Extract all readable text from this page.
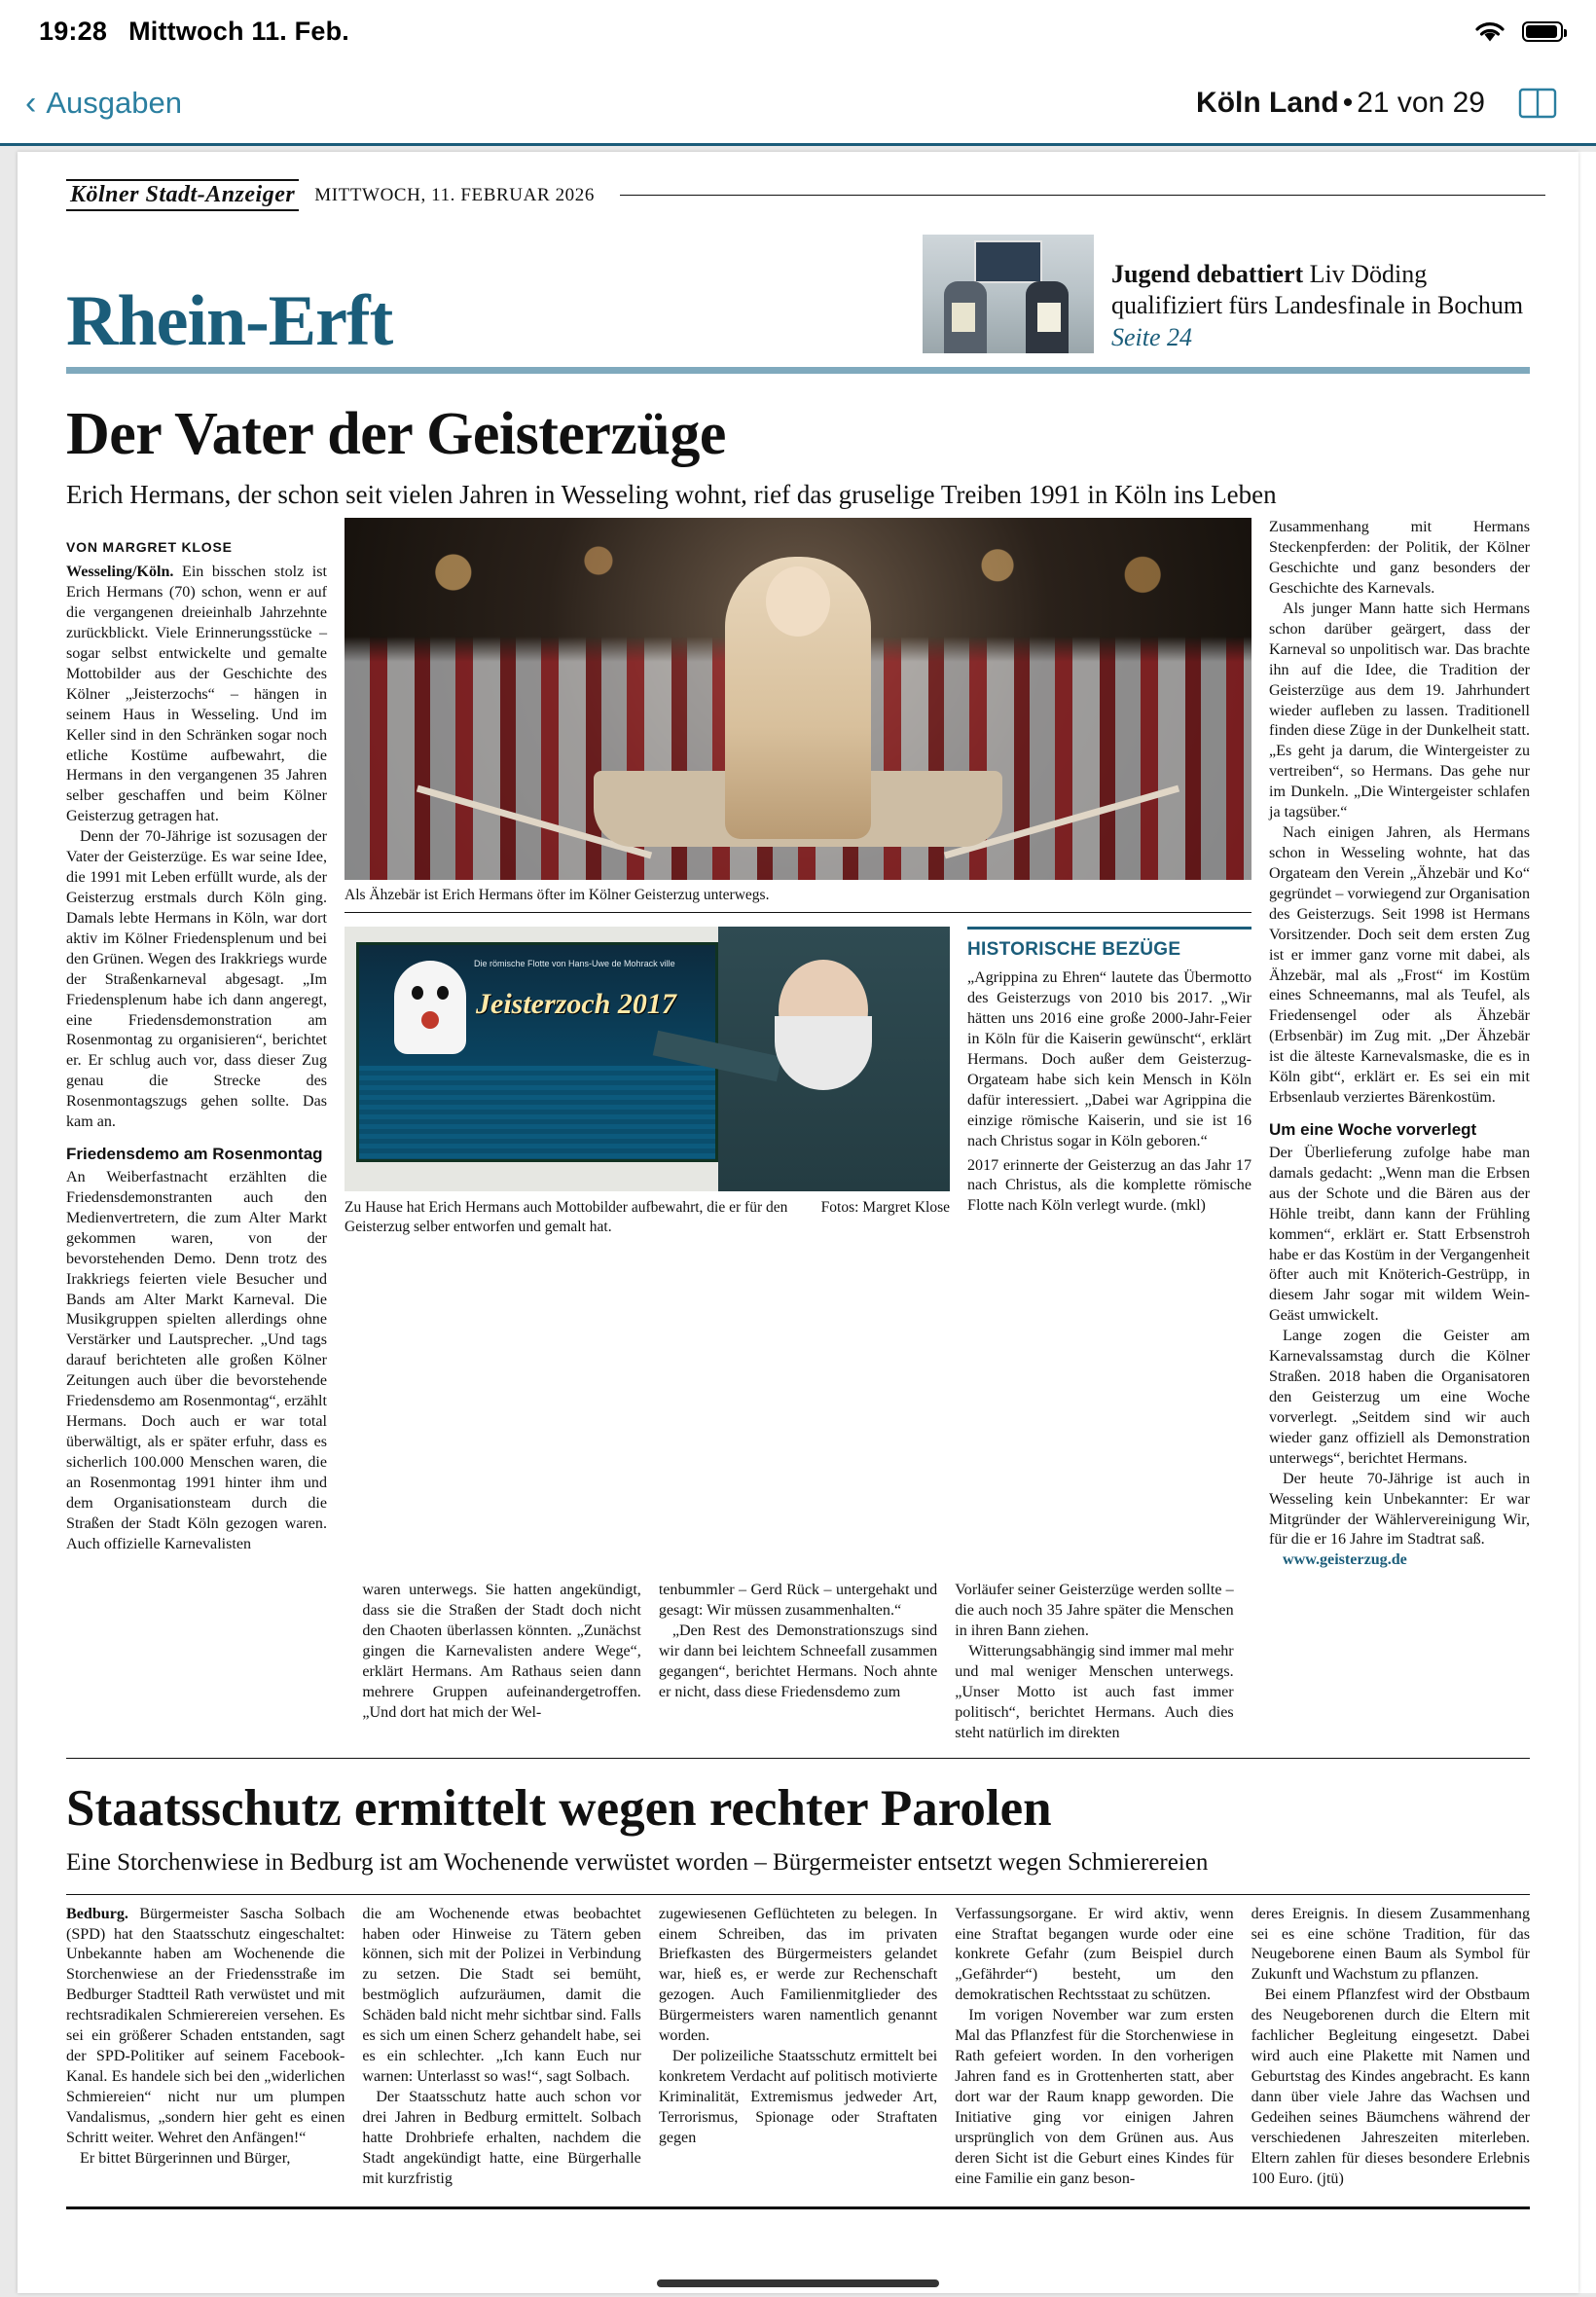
19:28 Mittwoch 11. Feb.
‹ Ausgaben	Köln Land • 21 von 29
Kölner Stadt-Anzeiger MITTWOCH, 11. FEBRUAR 2026
Rhein-Erft
Jugend debattiert Liv Döding qualifiziert fürs Landesfinale in Bochum Seite 24
Der Vater der Geisterzüge
Erich Hermans, der schon seit vielen Jahren in Wesseling wohnt, rief das gruselige Treiben 1991 in Köln ins Leben
VON MARGRET KLOSE

Wesseling/Köln. Ein bisschen stolz ist Erich Hermans (70) schon, wenn er auf die vergangenen dreieinhalb Jahrzehnte zurückblickt. Viele Erinnerungsstücke – sogar selbst entwickelte und gemalte Mottobilder aus der Geschichte des Kölner „Jeisterzochs“ – hängen in seinem Haus in Wesseling. Und im Keller sind in den Schränken sogar noch etliche Kostüme aufbewahrt, die Hermans in den vergangenen 35 Jahren selber geschaffen und beim Kölner Geisterzug getragen hat.

Denn der 70-Jährige ist sozusagen der Vater der Geisterzüge. Es war seine Idee, die 1991 mit Leben erfüllt wurde, als der Geisterzug erstmals durch Köln ging. Damals lebte Hermans in Köln, war dort aktiv im Kölner Friedensplenum und bei den Grünen. Wegen des Irakkriegs wurde der Straßenkarneval abgesagt. „Im Friedensplenum habe ich dann angeregt, eine Friedensdemonstration am Rosenmontag zu organisieren“, berichtet er. Er schlug auch vor, dass dieser Zug genau die Strecke des Rosenmontagszugs gehen sollte. Das kam an.

Friedensdemo am Rosenmontag

An Weiberfastnacht erzählten die Friedensdemonstranten auch den Medienvertretern, die zum Alter Markt gekommen waren, von der bevorstehenden Demo. Denn trotz des Irakkriegs feierten viele Besucher und Bands am Alter Markt Karneval. Die Musikgruppen spielten allerdings ohne Verstärker und Lautsprecher. „Und tags darauf berichteten alle großen Kölner Zeitungen auch über die bevorstehende Friedensdemo am Rosenmontag“, erzählt Hermans. Doch auch er war total überwältigt, als er später erfuhr, dass es sicherlich 100.000 Menschen waren, die an Rosenmontag 1991 hinter ihm und dem Organisationsteam durch die Straßen der Stadt Köln gezogen waren. Auch offizielle Karnevalisten

Als Ähzebär ist Erich Hermans öfter im Kölner Geisterzug unterwegs.
Die römische Flotte von Hans-Uwe de Mohrack ville
Jeisterzoch 2017
Zu Hause hat Erich Hermans auch Mottobilder aufbewahrt, die er für den Geisterzug selber entworfen und gemalt hat.
Fotos: Margret Klose
HISTORISCHE BEZÜGE

„Agrippina zu Ehren“ lautete das Übermotto des Geisterzugs von 2010 bis 2017. „Wir hätten uns 2016 eine große 2000-Jahr-Feier in Köln für die Kaiserin gewünscht“, erklärt Hermans. Doch außer dem Geisterzug-Orgateam habe sich kein Mensch in Köln dafür interessiert. „Dabei war Agrippina die einzige römische Kaiserin, und sie ist 16 nach Christus sogar in Köln geboren.“

2017 erinnerte der Geisterzug an das Jahr 17 nach Christus, als die komplette römische Flotte nach Köln verlegt wurde. (mkl)

Zusammenhang mit Hermans Steckenpferden: der Politik, der Kölner Geschichte und ganz besonders der Geschichte des Karnevals.

Als junger Mann hatte sich Hermans schon darüber geärgert, dass der Karneval so unpolitisch war. Das brachte ihn auf die Idee, die Tradition der Geisterzüge aus dem 19. Jahrhundert wieder aufleben zu lassen. Traditionell finden diese Züge in der Dunkelheit statt. „Es geht ja darum, die Wintergeister zu vertreiben“, so Hermans. Das gehe nur im Dunkeln. „Die Wintergeister schlafen ja tagsüber.“

Nach einigen Jahren, als Hermans schon in Wesseling wohnte, hat das Orgateam den Verein „Ähzebär und Ko“ gegründet – vorwiegend zur Organisation des Geisterzugs. Seit 1998 ist Hermans Vorsitzender. Doch seit dem ersten Zug ist er immer ganz vorne mit dabei, als Ähzebär, mal als „Frost“ im Kostüm eines Schneemanns, mal als Teufel, als Friedensengel oder als Ähzebär (Erbsenbär) im Zug mit. „Der Ähzebär ist die älteste Karnevalsmaske, die es in Köln gibt“, erklärt er. Es sei ein mit Erbsenlaub verziertes Bärenkostüm.

Um eine Woche vorverlegt

Der Überlieferung zufolge habe man damals gedacht: „Wenn man die Erbsen aus der Schote und die Bären aus der Höhle treibt, dann kann der Frühling kommen“, erklärt er. Statt Erbsenstroh habe er das Kostüm in der Vergangenheit öfter auch mit Knöterich-Gestrüpp, in diesem Jahr sogar mit wildem Wein-Geäst umwickelt.

Lange zogen die Geister am Karnevalssamstag durch die Kölner Straßen. 2018 haben die Organisatoren den Geisterzug um eine Woche vorverlegt. „Seitdem sind wir auch wieder ganz offiziell als Demonstration unterwegs“, berichtet Hermans.

Der heute 70-Jährige ist auch in Wesseling kein Unbekannter: Er war Mitgründer der Wählervereinigung Wir, für die er 16 Jahre im Stadtrat saß.

www.geisterzug.de

waren unterwegs. Sie hatten angekündigt, dass sie die Straßen der Stadt doch nicht den Chaoten überlassen könnten. „Zunächst gingen die Karnevalisten andere Wege“, erklärt Hermans. Am Rathaus seien dann mehrere Gruppen aufeinandergetroffen. „Und dort hat mich der Wel-

tenbummler – Gerd Rück – untergehakt und gesagt: Wir müssen zusammenhalten.“

„Den Rest des Demonstrationszugs sind wir dann bei leichtem Schneefall zusammen gegangen“, berichtet Hermans. Noch ahnte er nicht, dass diese Friedensdemo zum

Vorläufer seiner Geisterzüge werden sollte – die auch noch 35 Jahre später die Menschen in ihren Bann ziehen.

Witterungsabhängig sind immer mal mehr und mal weniger Menschen unterwegs. „Unser Motto ist auch fast immer politisch“, berichtet Hermans. Auch dies steht natürlich im direkten

Staatsschutz ermittelt wegen rechter Parolen
Eine Storchenwiese in Bedburg ist am Wochenende verwüstet worden – Bürgermeister entsetzt wegen Schmierereien

Bedburg. Bürgermeister Sascha Solbach (SPD) hat den Staatsschutz eingeschaltet: Unbekannte haben am Wochenende die Storchenwiese an der Friedensstraße im Bedburger Stadtteil Rath verwüstet und mit rechtsradikalen Schmierereien versehen. Es sei ein größerer Schaden entstanden, sagt der SPD-Politiker auf seinem Facebook-Kanal. Es handele sich bei den „widerlichen Schmiereien“ nicht nur um plumpen Vandalismus, „sondern hier geht es einen Schritt weiter. Wehret den Anfängen!“

Er bittet Bürgerinnen und Bürger,

die am Wochenende etwas beobachtet haben oder Hinweise zu Tätern geben können, sich mit der Polizei in Verbindung zu setzen. Die Stadt sei bemüht, bestmöglich aufzuräumen, damit die Schäden bald nicht mehr sichtbar sind. Falls es sich um einen Scherz gehandelt habe, sei es ein schlechter. „Ich kann Euch nur warnen: Unterlasst so was!“, sagt Solbach.

Der Staatsschutz hatte auch schon vor drei Jahren in Bedburg ermittelt. Solbach hatte Drohbriefe erhalten, nachdem die Stadt angekündigt hatte, eine Bürgerhalle mit kurzfristig

zugewiesenen Geflüchteten zu belegen. In einem Schreiben, das im privaten Briefkasten des Bürgermeisters gelandet war, hieß es, er werde zur Rechenschaft gezogen. Auch Familienmitglieder des Bürgermeisters waren namentlich genannt worden.

Der polizeiliche Staatsschutz ermittelt bei konkretem Verdacht auf politisch motivierte Kriminalität, Extremismus jedweder Art, Terrorismus, Spionage oder Straftaten gegen

Verfassungsorgane. Er wird aktiv, wenn eine Straftat begangen wurde oder eine konkrete Gefahr (zum Beispiel durch „Gefährder“) besteht, um den demokratischen Rechtsstaat zu schützen.

Im vorigen November war zum ersten Mal das Pflanzfest für die Storchenwiese in Rath gefeiert worden. In den vorherigen Jahren fand es in Grottenherten statt, aber dort war der Raum knapp geworden. Die Initiative ging vor einigen Jahren ursprünglich von dem Grünen aus. Aus deren Sicht ist die Geburt eines Kindes für eine Familie ein ganz beson-

deres Ereignis. In diesem Zusammenhang sei es eine schöne Tradition, für das Neugeborene einen Baum als Symbol für Zukunft und Wachstum zu pflanzen.

Bei einem Pflanzfest wird der Obstbaum des Neugeborenen durch die Eltern mit fachlicher Begleitung eingesetzt. Dabei wird auch eine Plakette mit Namen und Geburtstag des Kindes angebracht. Es kann dann über viele Jahre das Wachsen und Gedeihen seines Bäumchens während der verschiedenen Jahreszeiten miterleben. Eltern zahlen für dieses besondere Erlebnis 100 Euro. (jtü)
